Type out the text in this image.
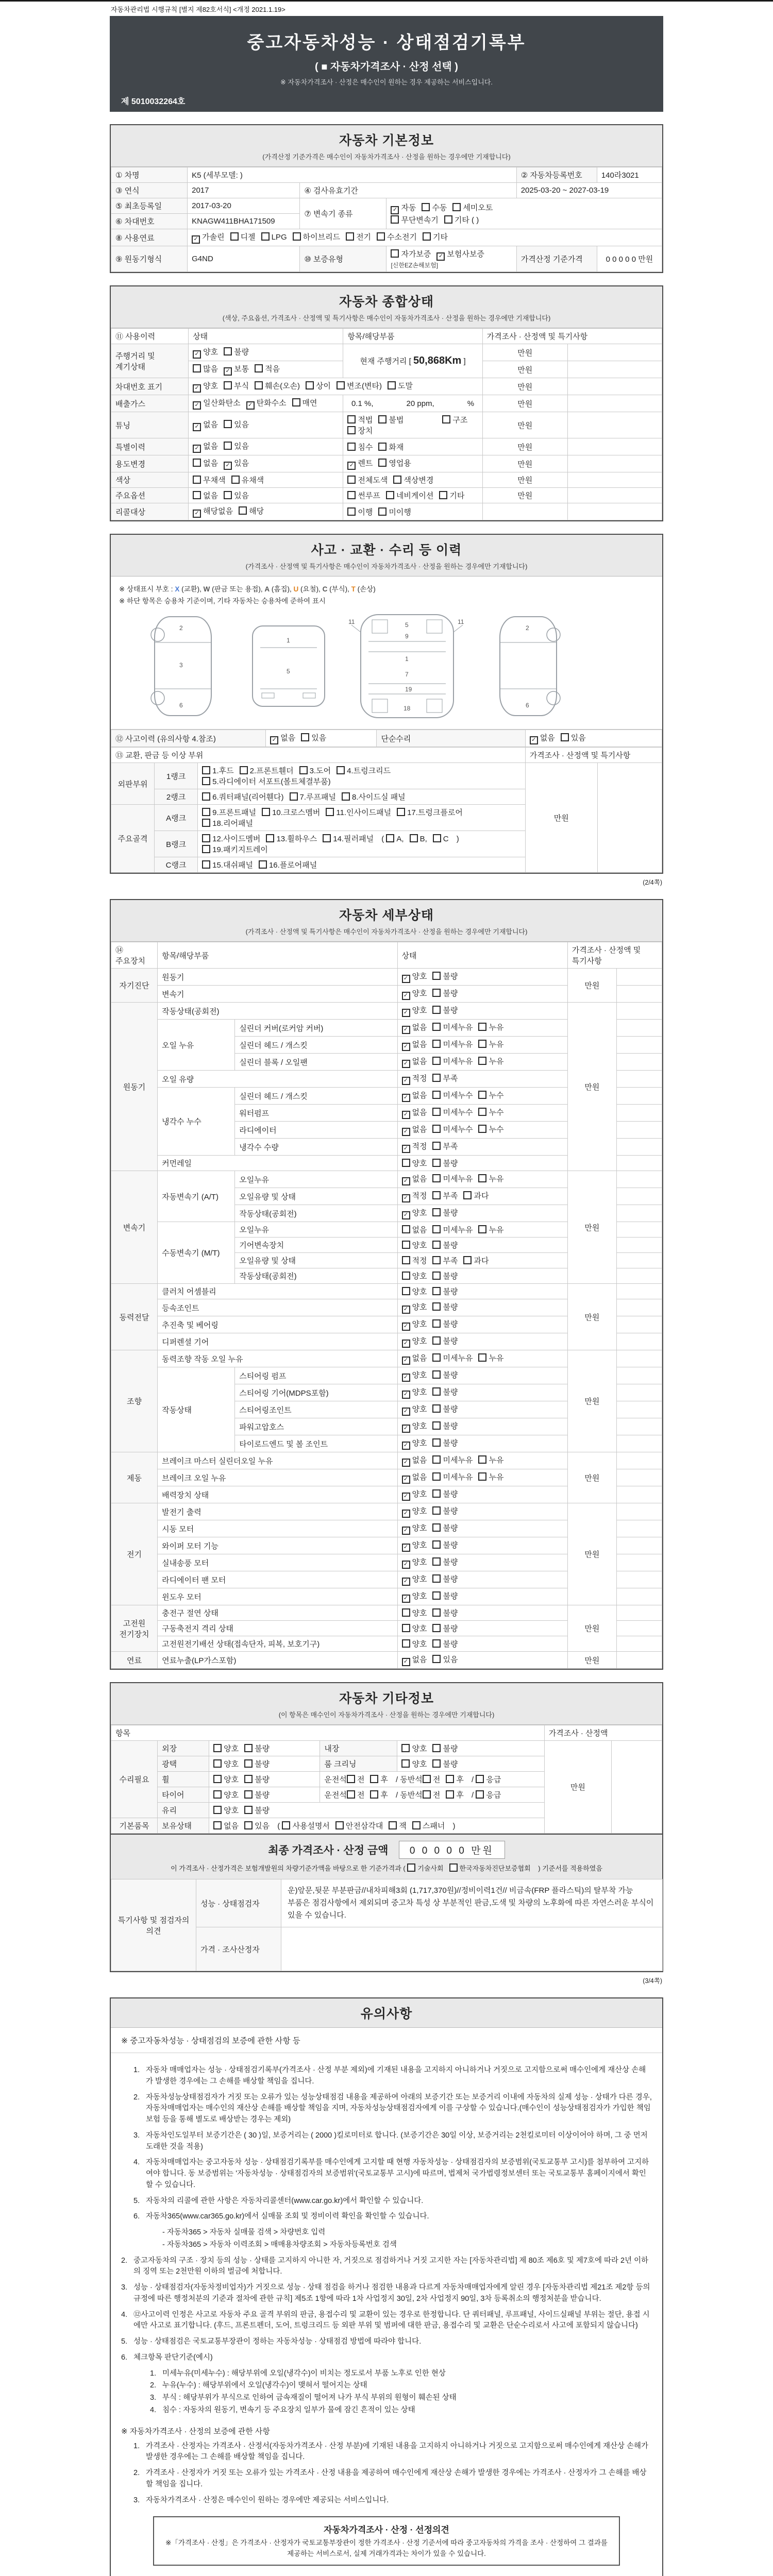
자동차관리법 시행규칙 [별지 제82호서식] <개정 2021.1.19>
중고자동차성능 · 상태점검기록부
( ■ 자동차가격조사 · 산정 선택 )
※ 자동차가격조사 · 산정은 매수인이 원하는 경우 제공하는 서비스입니다.
제 5010032264호
자동차 기본정보
(가격산정 기준가격은 매수인이 자동차가격조사 · 산정을 원하는 경우에만 기재합니다)
① 차명	K5 (세부모델: )			② 자동차등록번호	140라3021
③ 연식	2017	④ 검사유효기간		2025-03-20 ~ 2027-03-19	
⑤ 최초등록일	2017-03-20	⑦ 변속기 종류	✓ 자동 수동 세미오토
무단변속기 기타 ( )		
⑥ 차대번호	KNAGW411BHA171509				
⑧ 사용연료	✓ 가솔린 디젤 LPG 하이브리드 전기 수소전기 기타				
⑨ 원동기형식	G4ND	⑩ 보증유형	자가보증 ✓ 보험사보증 [신한EZ손해보험]	가격산정 기준가격	0 0 0 0 0 만원
자동차 종합상태
(색상, 주요옵션, 가격조사 · 산정액 및 특기사항은 매수인이 자동차가격조사 · 산정을 원하는 경우에만 기재합니다)
⑪ 사용이력	상태	항목/해당부품	가격조사 · 산정액 및 특기사항	
주행거리 및 계기상태	✓ 양호 불량	현재 주행거리 [ 50,868Km ]	만원	
	많음 ✓ 보통 적음		만원	
차대번호 표기	✓ 양호 부식 훼손(오손) 상이 변조(변타) 도말		만원	
배출가스	✓ 일산화탄소 ✓ 탄화수소 매연	0.1 %, 20 ppm, %	만원	
튜닝	✓ 없음 있음	적법 불법 구조장치	만원	
특별이력	✓ 없음 있음	침수 화재	만원	
용도변경	없음 ✓ 있음	✓ 렌트 영업용	만원	
색상	무채색 유채색	전체도색 색상변경	만원	
주요옵션	없음 있음	썬루프 네비게이션 기타	만원	
리콜대상	✓ 해당없음 해당	이행 미이행		
사고 · 교환 · 수리 등 이력
(가격조사 · 산정액 및 특기사항은 매수인이 자동차가격조사 · 산정을 원하는 경우에만 기재합니다)
※ 상태표시 부호 : X (교환), W (판금 또는 용접), A (흠집), U (요철), C (부식), T (손상)
※ 하단 항목은 승용차 기준이며, 기타 자동차는 승용차에 준하여 표시
2
3
6
1
5
5
9
1
7
19
18
11	11
2
6
⑫ 사고이력 (유의사항 4.참조)	✓ 없음 있음	단순수리	✓ 없음 있음
⑬ 교환, 판금 등 이상 부위			가격조사 · 산정액 및 특기사항	
외판부위	1랭크	1.후드 2.프론트휀더 3.도어 4.트렁크리드5.라디에이터 서포트(볼트체결부품)	만원	
	2랭크	6.쿼터패널(리어휀다) 7.루프패널 8.사이드실 패널		
주요골격	A랭크	9.프론트패널 10.크로스멤버 11.인사이드패널 17.트렁크플로어18.리어패널		
	B랭크	12.사이드멤버 13.휠하우스 14.필러패널 ( A, B, C ) 19.패키지트레이		
	C랭크	15.대쉬패널 16.플로어패널		
(2/4쪽)
자동차 세부상태
(가격조사 · 산정액 및 특기사항은 매수인이 자동차가격조사 · 산정을 원하는 경우에만 기재합니다)
⑭ 주요장치	항목/해당부품		상태	가격조사 · 산정액 및 특기사항	
자기진단	원동기		✓ 양호 불량	만원	
	변속기		✓ 양호 불량		
원동기	작동상태(공회전)		✓ 양호 불량	만원	
	오일 누유	실린더 커버(로커암 커버)	✓ 없음 미세누유 누유		
		실린더 헤드 / 개스킷	✓ 없음 미세누유 누유		
		실린더 블록 / 오일팬	✓ 없음 미세누유 누유		
	오일 유량		✓ 적정 부족		
	냉각수 누수	실린더 헤드 / 개스킷	✓ 없음 미세누수 누수		
		워터펌프	✓ 없음 미세누수 누수		
		라디에이터	✓ 없음 미세누수 누수		
		냉각수 수량	✓ 적정 부족		
	커먼레일		양호 불량		
변속기	자동변속기 (A/T)	오일누유	✓ 없음 미세누유 누유	만원	
		오일유량 및 상태	✓ 적정 부족 과다		
		작동상태(공회전)	✓ 양호 불량		
	수동변속기 (M/T)	오일누유	없음 미세누유 누유		
		기어변속장치	양호 불량		
		오일유량 및 상태	적정 부족 과다		
		작동상태(공회전)	양호 불량		
동력전달	클러치 어셈블리		양호 불량	만원	
	등속조인트		✓ 양호 불량		
	추진축 및 베어링		✓ 양호 불량		
	디퍼렌셜 기어		✓ 양호 불량		
조향	동력조향 작동 오일 누유		✓ 없음 미세누유 누유	만원	
	작동상태	스티어링 펌프	✓ 양호 불량		
		스티어링 기어(MDPS포함)	✓ 양호 불량		
		스티어링조인트	✓ 양호 불량		
		파워고압호스	✓ 양호 불량		
		타이로드엔드 및 볼 조인트	✓ 양호 불량		
제동	브레이크 마스터 실린더오일 누유		✓ 없음 미세누유 누유	만원	
	브레이크 오일 누유		✓ 없음 미세누유 누유		
	배력장치 상태		✓ 양호 불량		
전기	발전기 출력		✓ 양호 불량	만원	
	시동 모터		✓ 양호 불량		
	와이퍼 모터 기능		✓ 양호 불량		
	실내송풍 모터		✓ 양호 불량		
	라디에이터 팬 모터		✓ 양호 불량		
	윈도우 모터		✓ 양호 불량		
고전원 전기장치	충전구 절연 상태		양호 불량	만원	
	구동축전지 격리 상태		양호 불량		
	고전원전기배선 상태(접속단자, 피복, 보호기구)		양호 불량		
연료	연료누출(LP가스포함)		✓ 없음 있음	만원	
자동차 기타정보
(이 항목은 매수인이 자동차가격조사 · 산정을 원하는 경우에만 기재합니다)
항목					가격조사 · 산정액	
수리필요	외장	양호 불량	내장	양호 불량	만원	
	광택	양호 불량	룸 크리닝	양호 불량		
	휠	양호 불량	운전석 전 후 / 동반석 전 후 / 응급			
	타이어	양호 불량	운전석 전 후 / 동반석 전 후 / 응급			
	유리	양호 불량				
기본품목	보유상태	없음 있음 ( 사용설명서 안전삼각대 잭 스패너 )				
최종 가격조사 · 산정 금액 0 0 0 0 0 만원
이 가격조사 · 산정가격은 보험개발원의 차량기준가액을 바탕으로 한 기준가격과 ( 기술사회 한국자동차진단보증협회 ) 기준서를 적용하였음
특기사항 및 점검자의 의견	성능 · 상태점검자	운)앞문,뒷문 부분판금//내차피해3회 (1,717,370원)//정비이력1건// 비금속(FRP 플라스틱)의 탈부착 가능 부품은 점검사항에서 제외되며 중고차 특성 상 부분적인 판금,도색 및 차량의 노후화에 따른 자연스러운 부식이 있을 수 있습니다.
	가격 · 조사산정자	
(3/4쪽)
유의사항
※ 중고자동차성능 · 상태점검의 보증에 관한 사항 등
1. 자동차 매매업자는 성능 · 상태점검기록부(가격조사 · 산정 부분 제외)에 기재된 내용을 고지하지 아니하거나 거짓으로 고지함으로써 매수인에게 재산상 손해가 발생한 경우에는 그 손해를 배상할 책임을 집니다.
2. 자동차성능상태점검자가 거짓 또는 오류가 있는 성능상태점검 내용을 제공하여 아래의 보증기간 또는 보증거리 이내에 자동차의 실제 성능 · 상태가 다른 경우, 자동차매매업자는 매수인의 재산상 손해를 배상할 책임을 지며, 자동차성능상태점검자에게 이를 구상할 수 있습니다.(매수인이 성능상태점검자가 가입한 책임보험 등을 통해 별도로 배상받는 경우는 제외)
3. 자동차인도일부터 보증기간은 ( 30 )일, 보증거리는 ( 2000 )킬로미터로 합니다. (보증기간은 30일 이상, 보증거리는 2천킬로미터 이상이어야 하며, 그 중 먼저 도래한 것을 적용)
4. 자동차매매업자는 중고자동차 성능 · 상태점검기록부를 매수인에게 고지할 때 현행 자동차성능 · 상태점검자의 보증범위(국토교통부 고시)를 첨부하여 고지하여야 합니다. 동 보증범위는 '자동차성능 · 상태점검자의 보증범위'(국토교통부 고시)에 따르며, 법제처 국가법령정보센터 또는 국토교통부 홈페이지에서 확인할 수 있습니다.
5. 자동차의 리콜에 관한 사항은 자동차리콜센터(www.car.go.kr)에서 확인할 수 있습니다.
6. 자동차365(www.car365.go.kr)에서 실매물 조회 및 정비이력 확인을 확인할 수 있습니다.
- 자동차365 > 자동차 실매물 검색 > 차량번호 입력
- 자동차365 > 자동차 이력조회 > 매매용차량조회 > 자동차등록번호 검색
2. 중고자동차의 구조 · 장치 등의 성능 · 상태를 고지하지 아니한 자, 거짓으로 점검하거나 거짓 고지한 자는 [자동차관리법] 제 80조 제6호 및 제7호에 따라 2년 이하의 징역 또는 2천만원 이하의 벌금에 처합니다.
3. 성능 · 상태점검자(자동차정비업자)가 거짓으로 성능 · 상태 점검을 하거나 점검한 내용과 다르게 자동차매매업자에게 알린 경우 [자동차관리법 제21조 제2항 등의 규정에 따른 행정처분의 기준과 절차에 관한 규칙] 제5조 1항에 따라 1차 사업정지 30일, 2차 사업정지 90일, 3차 등록취소의 행정처분을 받습니다.
4. ⑫사고이력 인정은 사고로 자동차 주요 골격 부위의 판금, 용접수리 및 교환이 있는 경우로 한정합니다. 단 쿼터패널, 루프패널, 사이드실패널 부위는 절단, 용접 시에만 사고로 표기합니다. (후드, 프론트펜더, 도어, 트렁크리드 등 외판 부위 및 범퍼에 대한 판금, 용접수리 및 교환은 단순수리로서 사고에 포함되지 않습니다)
5. 성능 · 상태점검은 국토교통부장관이 정하는 자동차성능 · 상태점검 방법에 따라야 합니다.
6. 체크항목 판단기준(예시)
1. 미세누유(미세누수) : 해당부위에 오일(냉각수)이 비치는 정도로서 부품 노후로 인한 현상
2. 누유(누수) : 해당부위에서 오일(냉각수)이 맺혀서 떨어지는 상태
3. 부식 : 해당부위가 부식으로 인하여 금속재질이 떨어져 나가 부식 부위의 원형이 훼손된 상태
4. 침수 : 자동차의 원동기, 변속기 등 주요장치 일부가 물에 잠긴 흔적이 있는 상태
※ 자동차가격조사 · 산정의 보증에 관한 사항
1. 가격조사 · 산정자는 가격조사 · 산정서(자동차가격조사 · 산정 부분)에 기재된 내용을 고지하지 아니하거나 거짓으로 고지함으로써 매수인에게 재산상 손해가 발생한 경우에는 그 손해를 배상할 책임을 집니다.
2. 가격조사 · 산정자가 거짓 또는 오류가 있는 가격조사 · 산정 내용을 제공하여 매수인에게 재산상 손해가 발생한 경우에는 가격조사 · 산정자가 그 손해를 배상할 책임을 집니다.
3. 자동차가격조사 · 산정은 매수인이 원하는 경우에만 제공되는 서비스입니다.
자동차가격조사 · 산정 · 선정의견
※「가격조사 · 산정」은 가격조사 · 산정자가 국토교통부장관이 정한 가격조사 · 산정 기준서에 따라 중고자동차의 가격을 조사 · 산정하여 그 결과를 제공하는 서비스로서, 실제 거래가격과는 차이가 있을 수 있습니다.
